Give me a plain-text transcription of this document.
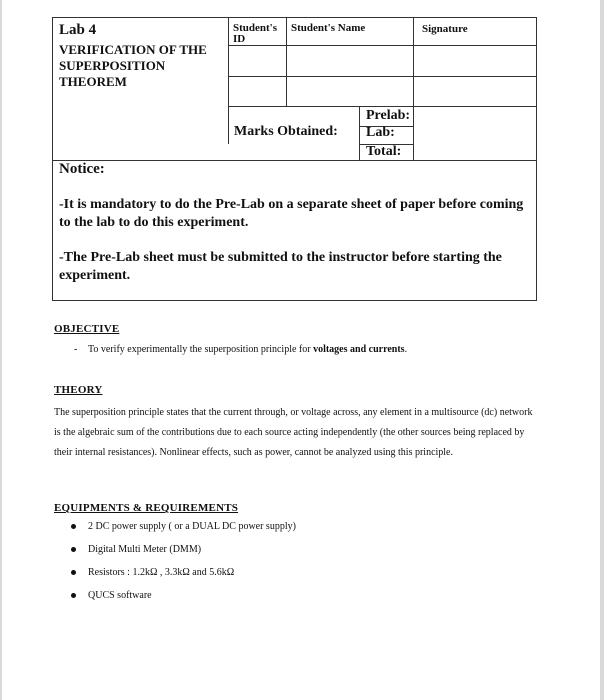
Lab 4
VERIFICATION OF THE SUPERPOSITION THEOREM
Student's ID
Student's Name	Signature
Marks Obtained:
Prelab:
Lab:
Total:
Notice:
-It is mandatory to do the Pre-Lab on a separate sheet of paper before coming to the lab to do this experiment.
-The Pre-Lab sheet must be submitted to the instructor before starting the experiment.
OBJECTIVE
- To verify experimentally the superposition principle for voltages and currents.
THEORY
The superposition principle states that the current through, or voltage across, any element in a multisource (dc) network is the algebraic sum of the contributions due to each source acting independently (the other sources being replaced by their internal resistances). Nonlinear effects, such as power, cannot be analyzed using this principle.
EQUIPMENTS & REQUIREMENTS
2 DC power supply ( or a DUAL DC power supply)
Digital Multi Meter (DMM)
Resistors : 1.2kΩ , 3.3kΩ and 5.6kΩ
QUCS software
